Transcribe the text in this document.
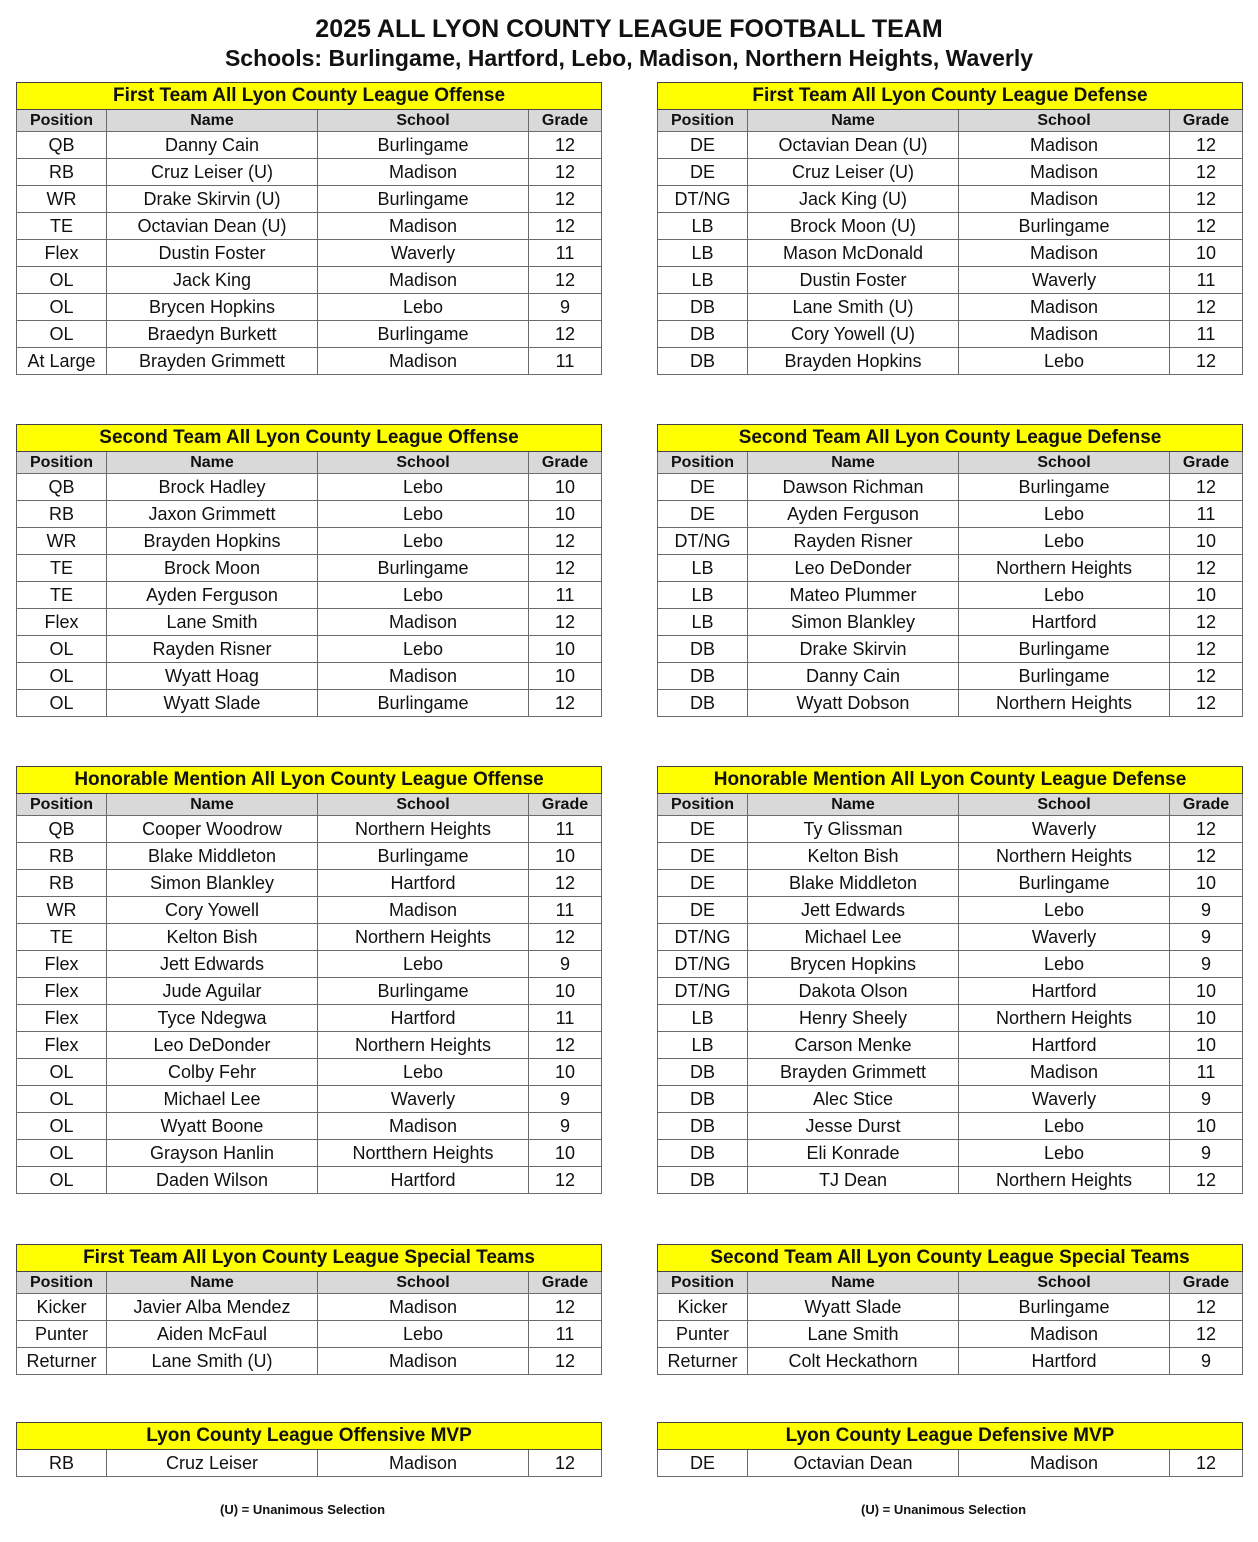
2025 ALL LYON COUNTY LEAGUE FOOTBALL TEAM
Schools: Burlingame, Hartford, Lebo, Madison, Northern Heights, Waverly
First Team All Lyon County League Offense			
Position	Name	School	Grade
QB	Danny Cain	Burlingame	12
RB	Cruz Leiser (U)	Madison	12
WR	Drake Skirvin (U)	Burlingame	12
TE	Octavian Dean (U)	Madison	12
Flex	Dustin Foster	Waverly	11
OL	Jack King	Madison	12
OL	Brycen Hopkins	Lebo	9
OL	Braedyn Burkett	Burlingame	12
At Large	Brayden Grimmett	Madison	11
First Team All Lyon County League Defense			
Position	Name	School	Grade
DE	Octavian Dean (U)	Madison	12
DE	Cruz Leiser (U)	Madison	12
DT/NG	Jack King (U)	Madison	12
LB	Brock Moon (U)	Burlingame	12
LB	Mason McDonald	Madison	10
LB	Dustin Foster	Waverly	11
DB	Lane Smith (U)	Madison	12
DB	Cory Yowell (U)	Madison	11
DB	Brayden Hopkins	Lebo	12
Second Team All Lyon County League Offense			
Position	Name	School	Grade
QB	Brock Hadley	Lebo	10
RB	Jaxon Grimmett	Lebo	10
WR	Brayden Hopkins	Lebo	12
TE	Brock Moon	Burlingame	12
TE	Ayden Ferguson	Lebo	11
Flex	Lane Smith	Madison	12
OL	Rayden Risner	Lebo	10
OL	Wyatt Hoag	Madison	10
OL	Wyatt Slade	Burlingame	12
Second Team All Lyon County League Defense			
Position	Name	School	Grade
DE	Dawson Richman	Burlingame	12
DE	Ayden Ferguson	Lebo	11
DT/NG	Rayden Risner	Lebo	10
LB	Leo DeDonder	Northern Heights	12
LB	Mateo Plummer	Lebo	10
LB	Simon Blankley	Hartford	12
DB	Drake Skirvin	Burlingame	12
DB	Danny Cain	Burlingame	12
DB	Wyatt Dobson	Northern Heights	12
Honorable Mention All Lyon County League Offense			
Position	Name	School	Grade
QB	Cooper Woodrow	Northern Heights	11
RB	Blake Middleton	Burlingame	10
RB	Simon Blankley	Hartford	12
WR	Cory Yowell	Madison	11
TE	Kelton Bish	Northern Heights	12
Flex	Jett Edwards	Lebo	9
Flex	Jude Aguilar	Burlingame	10
Flex	Tyce Ndegwa	Hartford	11
Flex	Leo DeDonder	Northern Heights	12
OL	Colby Fehr	Lebo	10
OL	Michael Lee	Waverly	9
OL	Wyatt Boone	Madison	9
OL	Grayson Hanlin	Nortthern Heights	10
OL	Daden Wilson	Hartford	12
Honorable Mention All Lyon County League Defense			
Position	Name	School	Grade
DE	Ty Glissman	Waverly	12
DE	Kelton Bish	Northern Heights	12
DE	Blake Middleton	Burlingame	10
DE	Jett Edwards	Lebo	9
DT/NG	Michael Lee	Waverly	9
DT/NG	Brycen Hopkins	Lebo	9
DT/NG	Dakota Olson	Hartford	10
LB	Henry Sheely	Northern Heights	10
LB	Carson Menke	Hartford	10
DB	Brayden Grimmett	Madison	11
DB	Alec Stice	Waverly	9
DB	Jesse Durst	Lebo	10
DB	Eli Konrade	Lebo	9
DB	TJ Dean	Northern Heights	12
First Team All Lyon County League Special Teams			
Position	Name	School	Grade
Kicker	Javier Alba Mendez	Madison	12
Punter	Aiden McFaul	Lebo	11
Returner	Lane Smith (U)	Madison	12
Second Team All Lyon County League Special Teams			
Position	Name	School	Grade
Kicker	Wyatt Slade	Burlingame	12
Punter	Lane Smith	Madison	12
Returner	Colt Heckathorn	Hartford	9
Lyon County League Offensive MVP
RB	Cruz Leiser	Madison	12
Lyon County League Defensive MVP
DE	Octavian Dean	Madison	12
(U) = Unanimous Selection	(U) = Unanimous Selection
